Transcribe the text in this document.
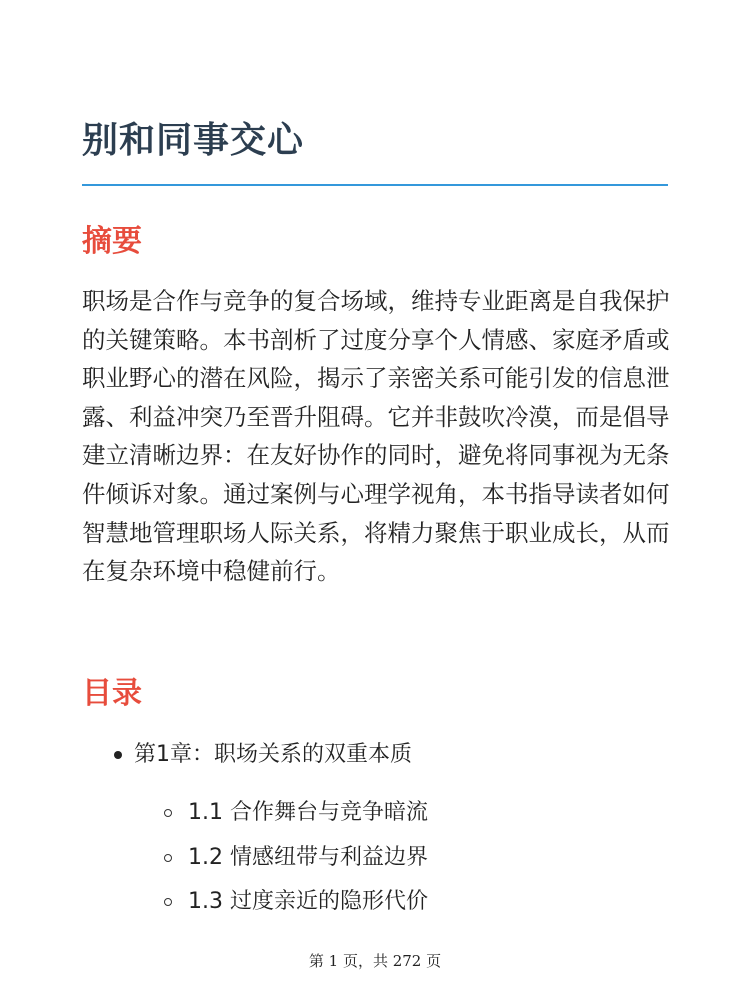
别和同事交心
摘要

职场是合作与竞争的复合场域，维持专业距离是自我保护的关键策略。本书剖析了过度分享个人情感、家庭矛盾或职业野心的潜在风险，揭示了亲密关系可能引发的信息泄露、利益冲突乃至晋升阻碍。它并非鼓吹冷漠，而是倡导建立清晰边界：在友好协作的同时，避免将同事视为无条件倾诉对象。通过案例与心理学视角，本书指导读者如何智慧地管理职场人际关系，将精力聚焦于职业成长，从而在复杂环境中稳健前行。

目录
第1章：职场关系的双重本质
1.1 合作舞台与竞争暗流
1.2 情感纽带与利益边界
1.3 过度亲近的隐形代价
第 1 页，共 272 页
